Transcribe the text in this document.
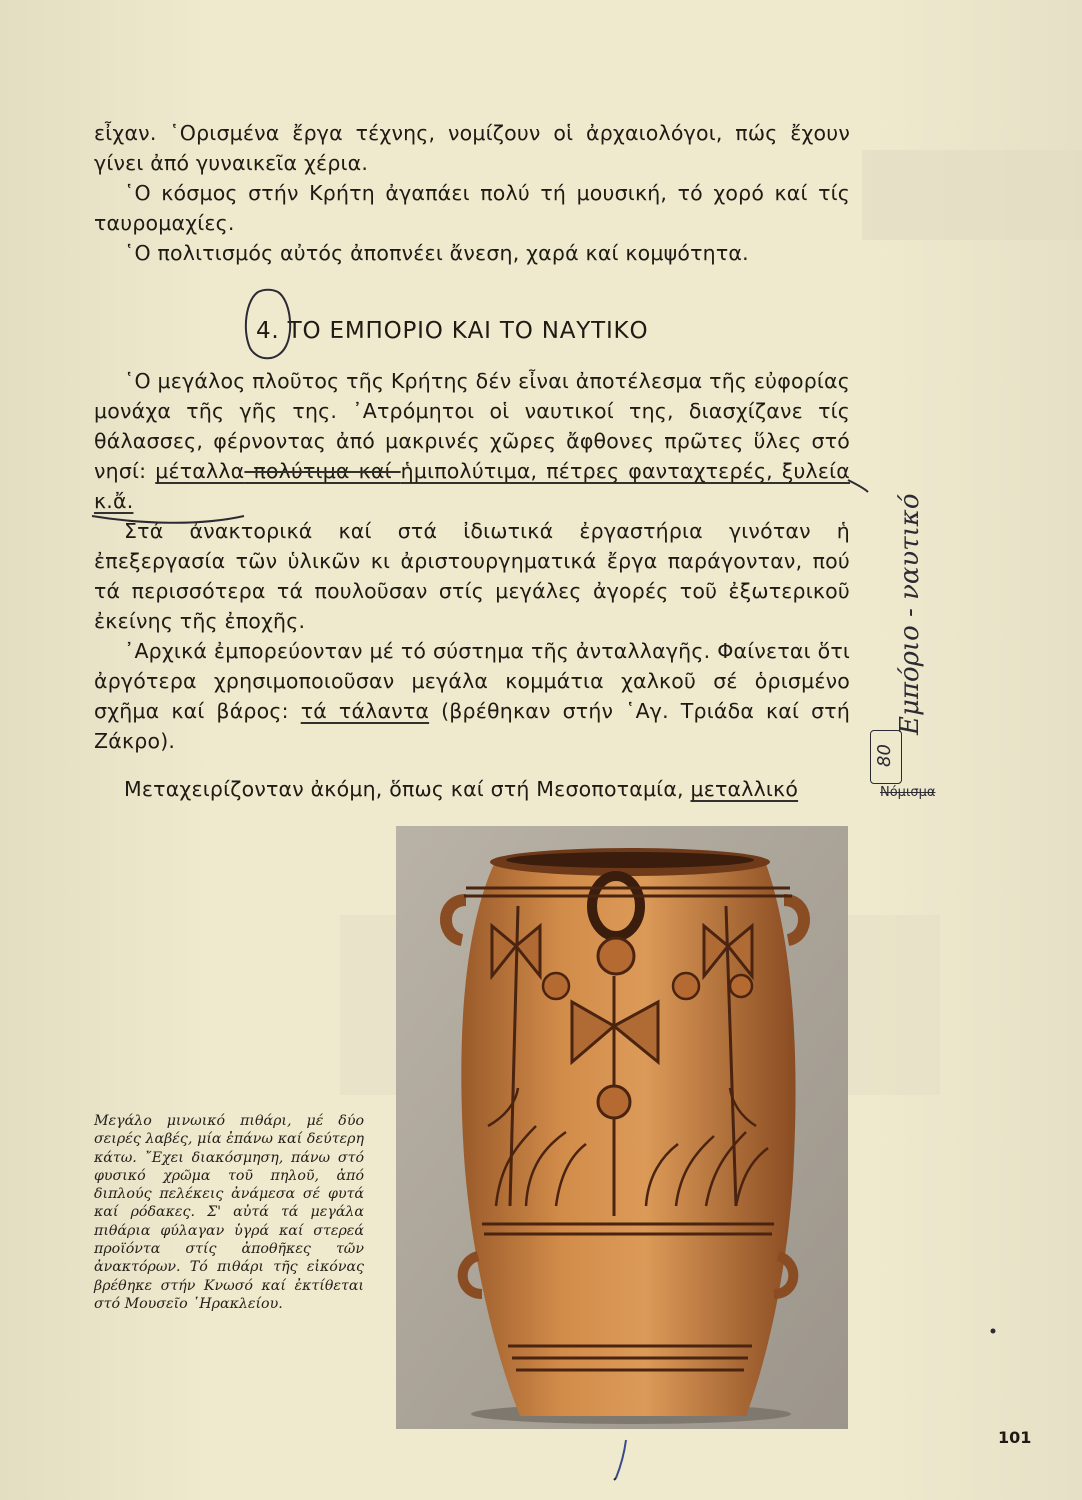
εἶχαν. ῾Ορισμένα ἔργα τέχνης, νομίζουν οἱ ἀρχαιολόγοι, πώς ἔχουν γίνει ἀπό γυναικεῖα χέρια.

῾Ο κόσμος στήν Κρήτη ἀγαπάει πολύ τή μουσική, τό χορό καί τίς ταυρομαχίες.

῾Ο πολιτισμός αὐτός ἀποπνέει ἄνεση, χαρά καί κομψότητα.

4. ΤΟ ΕΜΠΟΡΙΟ ΚΑΙ ΤΟ ΝΑΥΤΙΚΟ

῾Ο μεγάλος πλοῦτος τῆς Κρήτης δέν εἶναι ἀποτέλεσμα τῆς εὐφορίας μονάχα τῆς γῆς της. ᾿Ατρόμητοι οἱ ναυτικοί της, διασχίζανε τίς θάλασσες, φέρνοντας ἀπό μακρινές χῶρες ἄφθονες πρῶτες ὕλες στό νησί: μέταλλα πολύτιμα καί ἡμιπολύτιμα, πέτρες φανταχτερές, ξυλεία κ.ἄ.

Στά ἀνακτορικά καί στά ἰδιωτικά ἐργαστήρια γινόταν ἡ ἐπεξεργασία τῶν ὑλικῶν κι ἀριστουργηματικά ἔργα παράγονταν, πού τά περισσότερα τά πουλοῦσαν στίς μεγάλες ἀγορές τοῦ ἐξωτερικοῦ ἐκείνης τῆς ἐποχῆς.

᾿Αρχικά ἐμπορεύονταν μέ τό σύστημα τῆς ἀνταλλαγῆς. Φαίνεται ὅτι ἀργότερα χρησιμοποιοῦσαν μεγάλα κομμάτια χαλκοῦ σέ ὁρισμένο σχῆμα καί βάρος: τά τάλαντα (βρέθηκαν στήν ῾Αγ. Τριάδα καί στή Ζάκρο).

Μεταχειρίζονταν ἀκόμη, ὅπως καί στή Μεσοποταμία, μεταλλικό

Μεγάλο μινωικό πιθάρι, μέ δύο σειρές λαβές, μία ἐπάνω καί δεύτερη κάτω. ῎Εχει διακόσμηση, πάνω στό φυσικό χρῶμα τοῦ πηλοῦ, ἀπό διπλούς πελέκεις ἀνάμεσα σέ φυτά καί ρόδακες. Σ' αὐτά τά μεγάλα πιθάρια φύλαγαν ὑγρά καί στερεά προϊόντα στίς ἀποθῆκες τῶν ἀνακτόρων. Τό πιθάρι τῆς εἰκόνας βρέθηκε στήν Κνωσό καί ἐκτίθεται στό Μουσεῖο ῾Ηρακλείου.
101
80
Εμπόριο - ναυτικό
Νόμισμα
